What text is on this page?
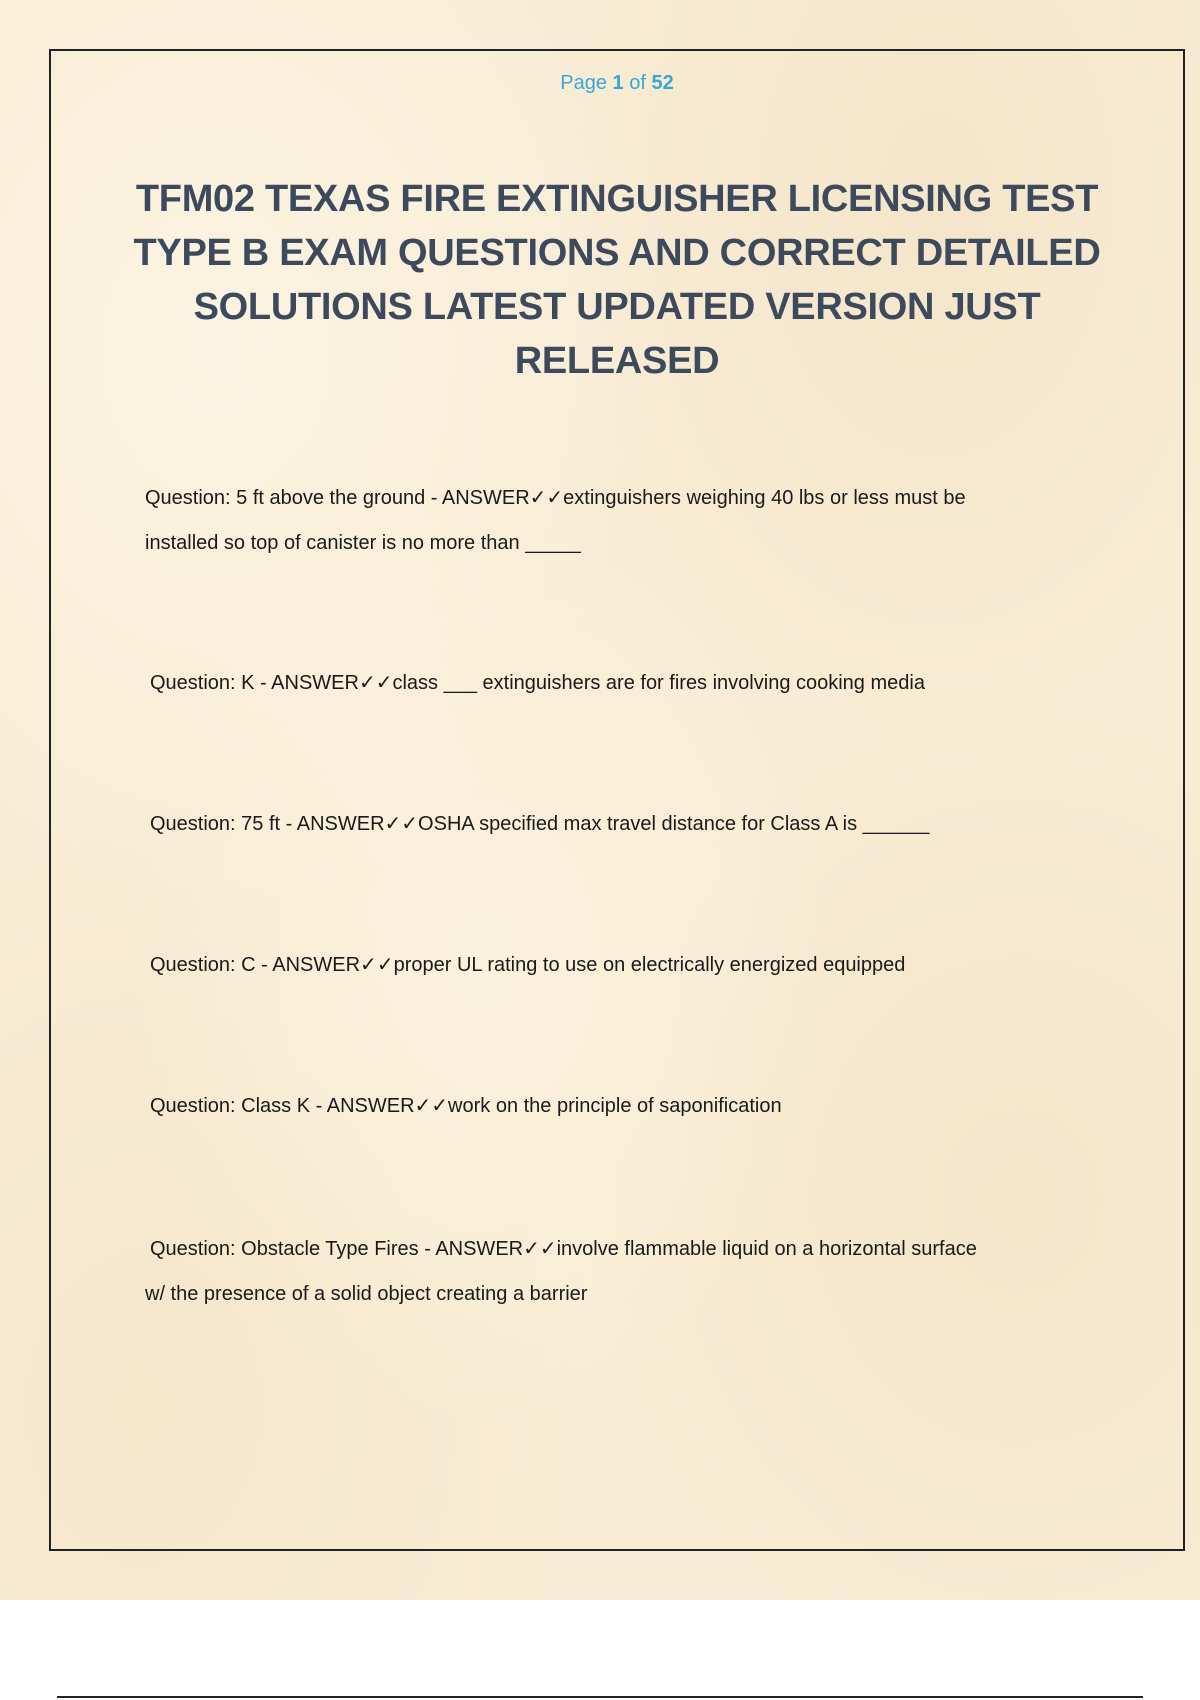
Page 1 of 52
TFM02 TEXAS FIRE EXTINGUISHER LICENSING TEST TYPE B EXAM QUESTIONS AND CORRECT DETAILED SOLUTIONS LATEST UPDATED VERSION JUST RELEASED
Question: 5 ft above the ground - ANSWER✓✓extinguishers weighing 40 lbs or less must be
installed so top of canister is no more than _____
Question: K - ANSWER✓✓class ___ extinguishers are for fires involving cooking media
Question: 75 ft - ANSWER✓✓OSHA specified max travel distance for Class A is ______
Question: C - ANSWER✓✓proper UL rating to use on electrically energized equipped
Question: Class K - ANSWER✓✓work on the principle of saponification
Question: Obstacle Type Fires - ANSWER✓✓involve flammable liquid on a horizontal surface
w/ the presence of a solid object creating a barrier
